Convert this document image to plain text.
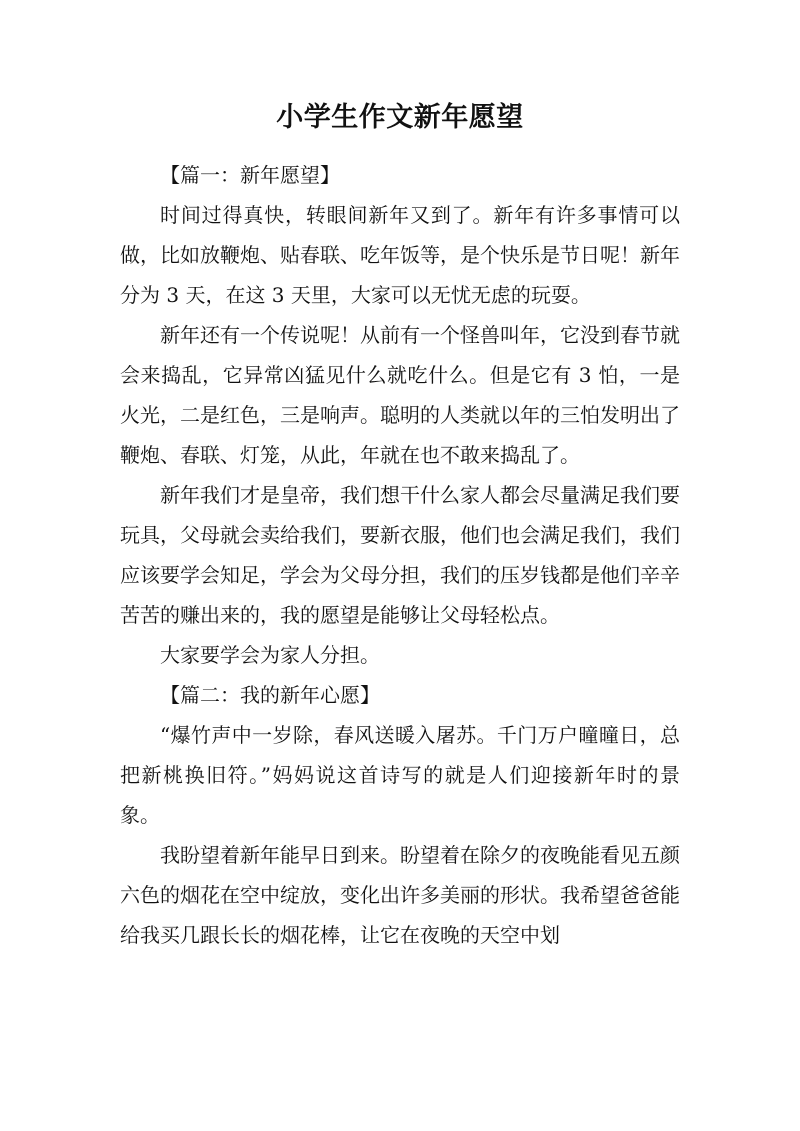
小学生作文新年愿望

【篇一：新年愿望】

时间过得真快，转眼间新年又到了。新年有许多事情可以做，比如放鞭炮、贴春联、吃年饭等，是个快乐是节日呢！新年分为 3 天，在这 3 天里，大家可以无忧无虑的玩耍。

新年还有一个传说呢！从前有一个怪兽叫年，它没到春节就会来捣乱，它异常凶猛见什么就吃什么。但是它有 3 怕，一是火光，二是红色，三是响声。聪明的人类就以年的三怕发明出了鞭炮、春联、灯笼，从此，年就在也不敢来捣乱了。

新年我们才是皇帝，我们想干什么家人都会尽量满足我们要玩具，父母就会卖给我们，要新衣服，他们也会满足我们，我们应该要学会知足，学会为父母分担，我们的压岁钱都是他们辛辛苦苦的赚出来的，我的愿望是能够让父母轻松点。

大家要学会为家人分担。

【篇二：我的新年心愿】

“爆竹声中一岁除，春风送暖入屠苏。千门万户曈曈日，总把新桃换旧符。”妈妈说这首诗写的就是人们迎接新年时的景象。

我盼望着新年能早日到来。盼望着在除夕的夜晚能看见五颜六色的烟花在空中绽放，变化出许多美丽的形状。我希望爸爸能给我买几跟长长的烟花棒，让它在夜晚的天空中划
